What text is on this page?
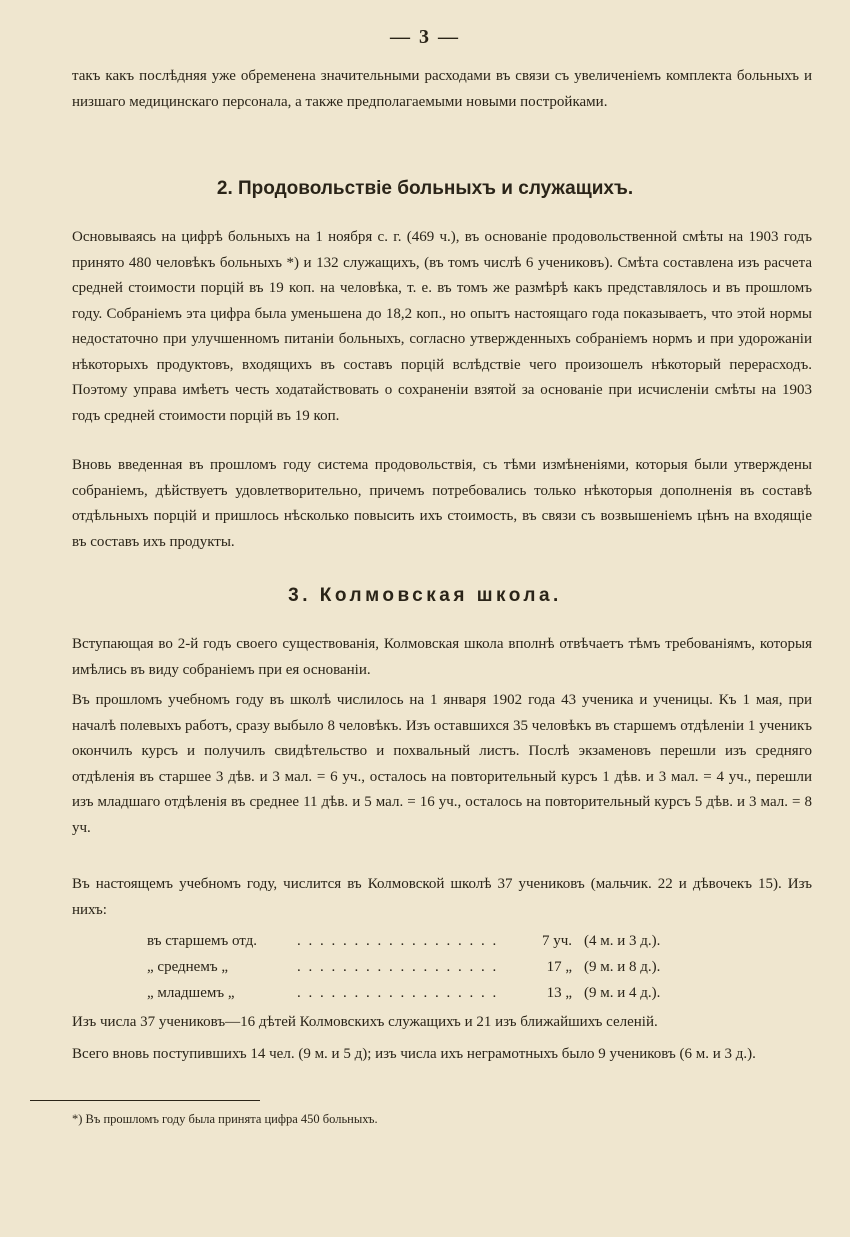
— 3 —
такъ какъ послѣдняя уже обременена значительными расходами въ связи съ увеличеніемъ комплекта больныхъ и низшаго медицинскаго персонала, а также предполагаемыми новыми постройками.
2. Продовольствіе больныхъ и служащихъ.
Основываясь на цифрѣ больныхъ на 1 ноября с. г. (469 ч.), въ основаніе продовольственной смѣты на 1903 годъ принято 480 человѣкъ больныхъ *) и 132 служащихъ, (въ томъ числѣ 6 учениковъ). Смѣта составлена изъ расчета средней стоимости порцій въ 19 коп. на человѣка, т. е. въ томъ же размѣрѣ какъ представлялось и въ прошломъ году. Собраніемъ эта цифра была уменьшена до 18,2 коп., но опытъ настоящаго года показываетъ, что этой нормы недостаточно при улучшенномъ питаніи больныхъ, согласно утвержденныхъ собраніемъ нормъ и при удорожаніи нѣкоторыхъ продуктовъ, входящихъ въ составъ порцій вслѣдствіе чего произошелъ нѣкоторый перерасходъ. Поэтому управа имѣетъ честь ходатайствовать о сохраненіи взятой за основаніе при исчисленіи смѣты на 1903 годъ средней стоимости порцій въ 19 коп.
Вновь введенная въ прошломъ году система продовольствія, съ тѣми измѣненіями, которыя были утверждены собраніемъ, дѣйствуетъ удовлетворительно, причемъ потребовались только нѣкоторыя дополненія въ составѣ отдѣльныхъ порцій и пришлось нѣсколько повысить ихъ стоимость, въ связи съ возвышеніемъ цѣнъ на входящіе въ составъ ихъ продукты.
3. Колмовская школа.
Вступающая во 2-й годъ своего существованія, Колмовская школа вполнѣ отвѣчаетъ тѣмъ требованіямъ, которыя имѣлись въ виду собраніемъ при ея основаніи.
Въ прошломъ учебномъ году въ школѣ числилось на 1 января 1902 года 43 ученика и ученицы. Къ 1 мая, при началѣ полевыхъ работъ, сразу выбыло 8 человѣкъ. Изъ оставшихся 35 человѣкъ въ старшемъ отдѣленіи 1 ученикъ окончилъ курсъ и получилъ свидѣтельство и похвальный листъ. Послѣ экзаменовъ перешли изъ средняго отдѣленія въ старшее 3 дѣв. и 3 мал. = 6 уч., осталось на повторительный курсъ 1 дѣв. и 3 мал. = 4 уч., перешли изъ младшаго отдѣленія въ среднее 11 дѣв. и 5 мал. = 16 уч., осталось на повторительный курсъ 5 дѣв. и 3 мал. = 8 уч.
Въ настоящемъ учебномъ году, числится въ Колмовской школѣ 37 учениковъ (мальчик. 22 и дѣвочекъ 15). Изъ нихъ:
въ старшемъ отд.	. . . . . . . . . . . . . . . . . .	7 уч. (4 м. и 3 д.).
„ среднемъ „	. . . . . . . . . . . . . . . . . .	17 „ (9 м. и 8 д.).
„ младшемъ „	. . . . . . . . . . . . . . . . . .	13 „ (9 м. и 4 д.).
Изъ числа 37 учениковъ—16 дѣтей Колмовскихъ служащихъ и 21 изъ ближайшихъ селеній.
Всего вновь поступившихъ 14 чел. (9 м. и 5 д); изъ числа ихъ неграмотныхъ было 9 учениковъ (6 м. и 3 д.).
*) Въ прошломъ году была принята цифра 450 больныхъ.
